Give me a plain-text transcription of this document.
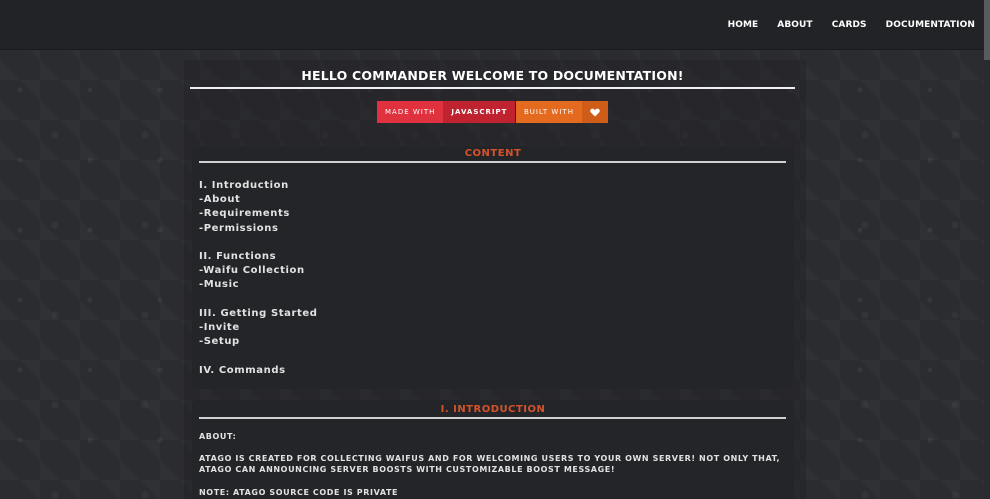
HOME ABOUT CARDS DOCUMENTATION
HELLO COMMANDER WELCOME TO DOCUMENTATION!
MADE WITH	JAVASCRIPT	BUILT WITH
CONTENT
I. Introduction
-About
-Requirements
-Permissions
II. Functions
-Waifu Collection
-Music
III. Getting Started
-Invite
-Setup
IV. Commands
I. INTRODUCTION
ABOUT:
ATAGO IS CREATED FOR COLLECTING WAIFUS AND FOR WELCOMING USERS TO YOUR OWN SERVER! NOT ONLY THAT, ATAGO CAN ANNOUNCING SERVER BOOSTS WITH CUSTOMIZABLE BOOST MESSAGE!
NOTE: ATAGO SOURCE CODE IS PRIVATE
